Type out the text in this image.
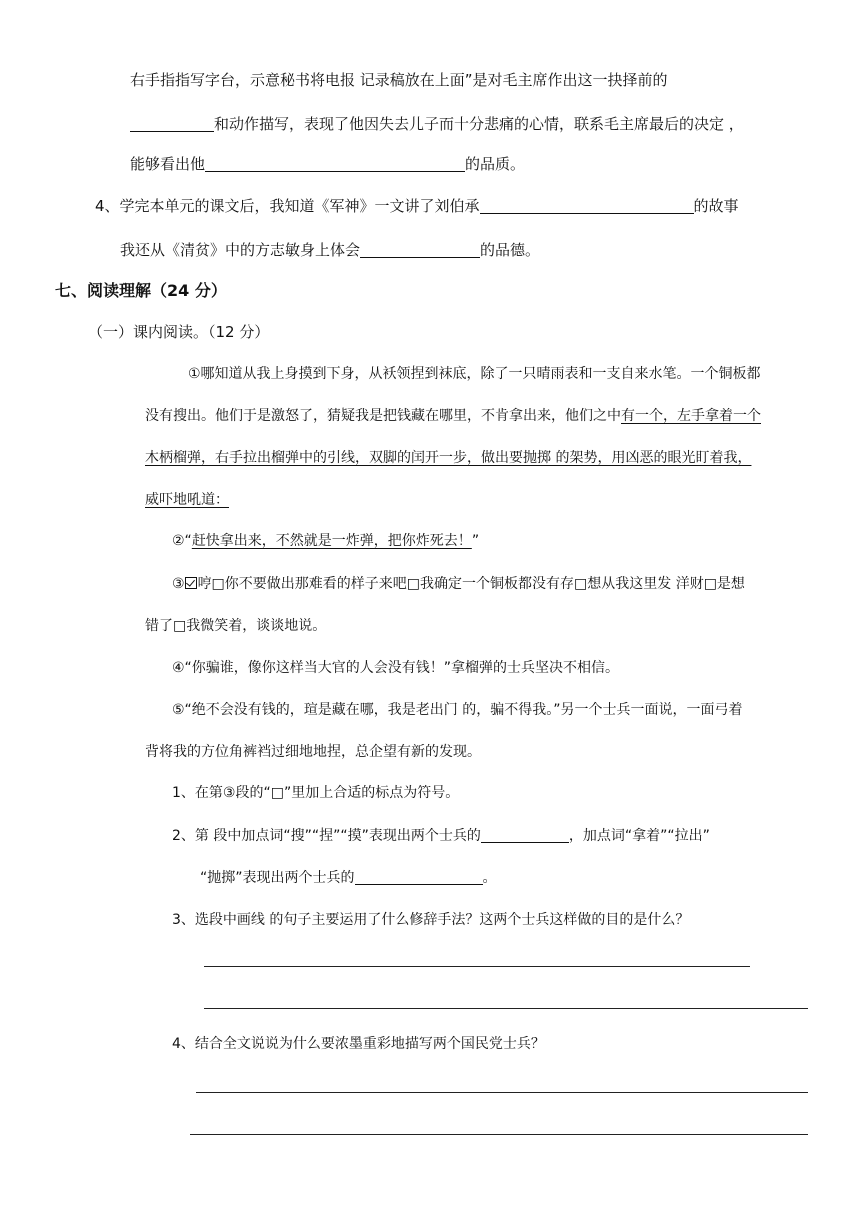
右手指指写字台，示意秘书将电报 记录稿放在上面”是对毛主席作出这一抉择前的
和动作描写，表现了他因失去儿子而十分悲痛的心情，联系毛主席最后的决定 ，
能够看出他	的品质。
4、学完本单元的课文后，我知道《军神》一文讲了刘伯承	的故事
我还从《清贫》中的方志敏身上体会	的品德。
七、阅读理解（24 分）
（一）课内阅读。（12 分）
①哪知道从我上身摸到下身，从袄领捏到袜底，除了一只晴雨表和一支自来水笔。一个铜板都
没有搜出。他们于是激怒了，猜疑我是把钱藏在哪里，不肯拿出来，他们之中有一个，左手拿着一个
木柄榴弹，右手拉出榴弹中的引线，双脚的闰开一步，做出要抛掷 的架势，用凶恶的眼光盯着我，
威吓地吼道：
②“赶快拿出来，不然就是一炸弹，把你炸死去！”
③ 哼□你不要做出那难看的样子来吧□我确定一个铜板都没有存□想从我这里发 洋财□是想
错了□我微笑着，谈谈地说。
④“你骗谁，像你这样当大官的人会没有钱！”拿榴弹的士兵坚决不相信。
⑤“绝不会没有钱的，瑄是藏在哪，我是老出门 的，骗不得我。”另一个士兵一面说，一面弓着
背将我的方位角裤裆过细地地捏，总企望有新的发现。
1、在第③段的“□”里加上合适的标点为符号。
2、第 段中加点词“搜”“捏”“摸”表现出两个士兵的	，加点词“拿着”“拉出”
“抛掷”表现出两个士兵的	。
3、选段中画线 的句子主要运用了什么修辞手法？这两个士兵这样做的目的是什么？
4、结合全文说说为什么要浓墨重彩地描写两个国民党士兵？
